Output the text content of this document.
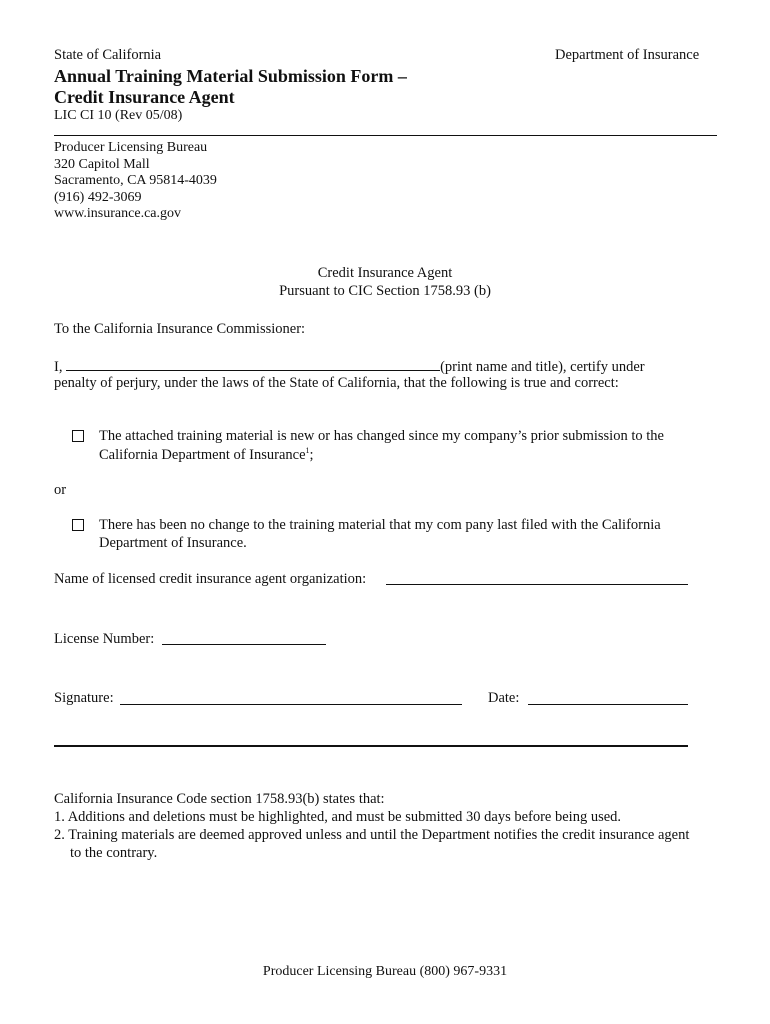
State of California	Department of Insurance
Annual Training Material Submission Form –
Credit Insurance Agent
LIC CI 10 (Rev 05/08)
Producer Licensing Bureau
320 Capitol Mall
Sacramento, CA 95814-4039
(916) 492-3069
www.insurance.ca.gov
Credit Insurance Agent
Pursuant to CIC Section 1758.93 (b)
To the California Insurance Commissioner:
I,	(print name and title), certify under
penalty of perjury, under the laws of the State of California, that the following is true and correct:
The attached training material is new or has changed since my company’s prior submission to the
California Department of Insurance$^1$;
or
There has been no change to the training material that my com pany last filed with the California
Department of Insurance.
Name of licensed credit insurance agent organization:
License Number:
Signature:	Date:
California Insurance Code section 1758.93(b) states that:
1. Additions and deletions must be highlighted, and must be submitted 30 days before being used.
2. Training materials are deemed approved unless and until the Department notifies the credit insurance agent
to the contrary.
Producer Licensing Bureau (800) 967-9331
